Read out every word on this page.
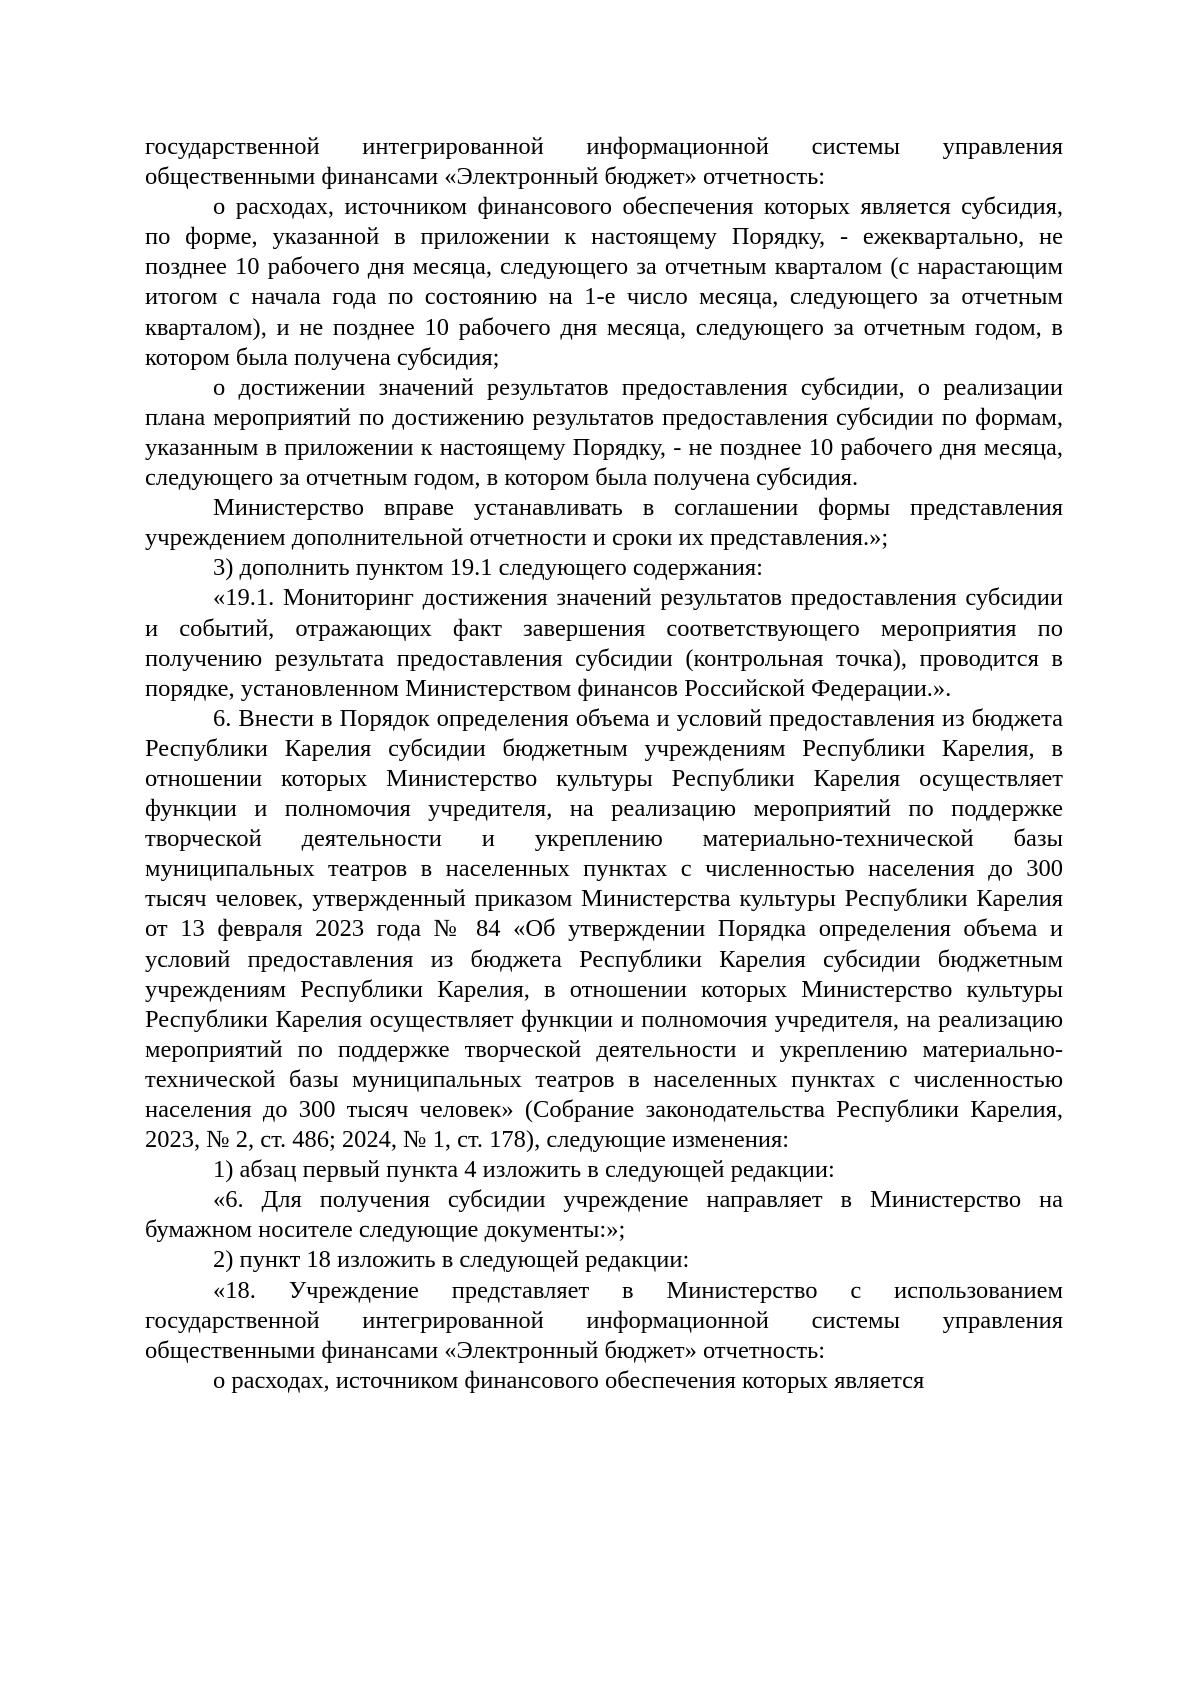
государственной интегрированной информационной системы управления общественными финансами «Электронный бюджет» отчетность:

о расходах, источником финансового обеспечения которых является субсидия, по форме, указанной в приложении к настоящему Порядку, - ежеквартально, не позднее 10 рабочего дня месяца, следующего за отчетным кварталом (с нарастающим итогом с начала года по состоянию на 1-е число месяца, следующего за отчетным кварталом), и не позднее 10 рабочего дня месяца, следующего за отчетным годом, в котором была получена субсидия;

о достижении значений результатов предоставления субсидии, о реализации плана мероприятий по достижению результатов предоставления субсидии по формам, указанным в приложении к настоящему Порядку, - не позднее 10 рабочего дня месяца, следующего за отчетным годом, в котором была получена субсидия.

Министерство вправе устанавливать в соглашении формы представления учреждением дополнительной отчетности и сроки их представления.»;

3) дополнить пунктом 19.1 следующего содержания:

«19.1. Мониторинг достижения значений результатов предоставления субсидии и событий, отражающих факт завершения соответствующего мероприятия по получению результата предоставления субсидии (контрольная точка), проводится в порядке, установленном Министерством финансов Российской Федерации.».

6. Внести в Порядок определения объема и условий предоставления из бюджета Республики Карелия субсидии бюджетным учреждениям Республики Карелия, в отношении которых Министерство культуры Республики Карелия осуществляет функции и полномочия учредителя, на реализацию мероприятий по поддержке творческой деятельности и укреплению материально-технической базы муниципальных театров в населенных пунктах с численностью населения до 300 тысяч человек, утвержденный приказом Министерства культуры Республики Карелия от 13 февраля 2023 года № 84 «Об утверждении Порядка определения объема и условий предоставления из бюджета Республики Карелия субсидии бюджетным учреждениям Республики Карелия, в отношении которых Министерство культуры Республики Карелия осуществляет функции и полномочия учредителя, на реализацию мероприятий по поддержке творческой деятельности и укреплению материально-технической базы муниципальных театров в населенных пунктах с численностью населения до 300 тысяч человек» (Собрание законодательства Республики Карелия, 2023, № 2, ст. 486; 2024, № 1, ст. 178), следующие изменения:

1) абзац первый пункта 4 изложить в следующей редакции:

«6. Для получения субсидии учреждение направляет в Министерство на бумажном носителе следующие документы:»;

2) пункт 18 изложить в следующей редакции:

«18. Учреждение представляет в Министерство с использованием государственной интегрированной информационной системы управления общественными финансами «Электронный бюджет» отчетность:

о расходах, источником финансового обеспечения которых является
